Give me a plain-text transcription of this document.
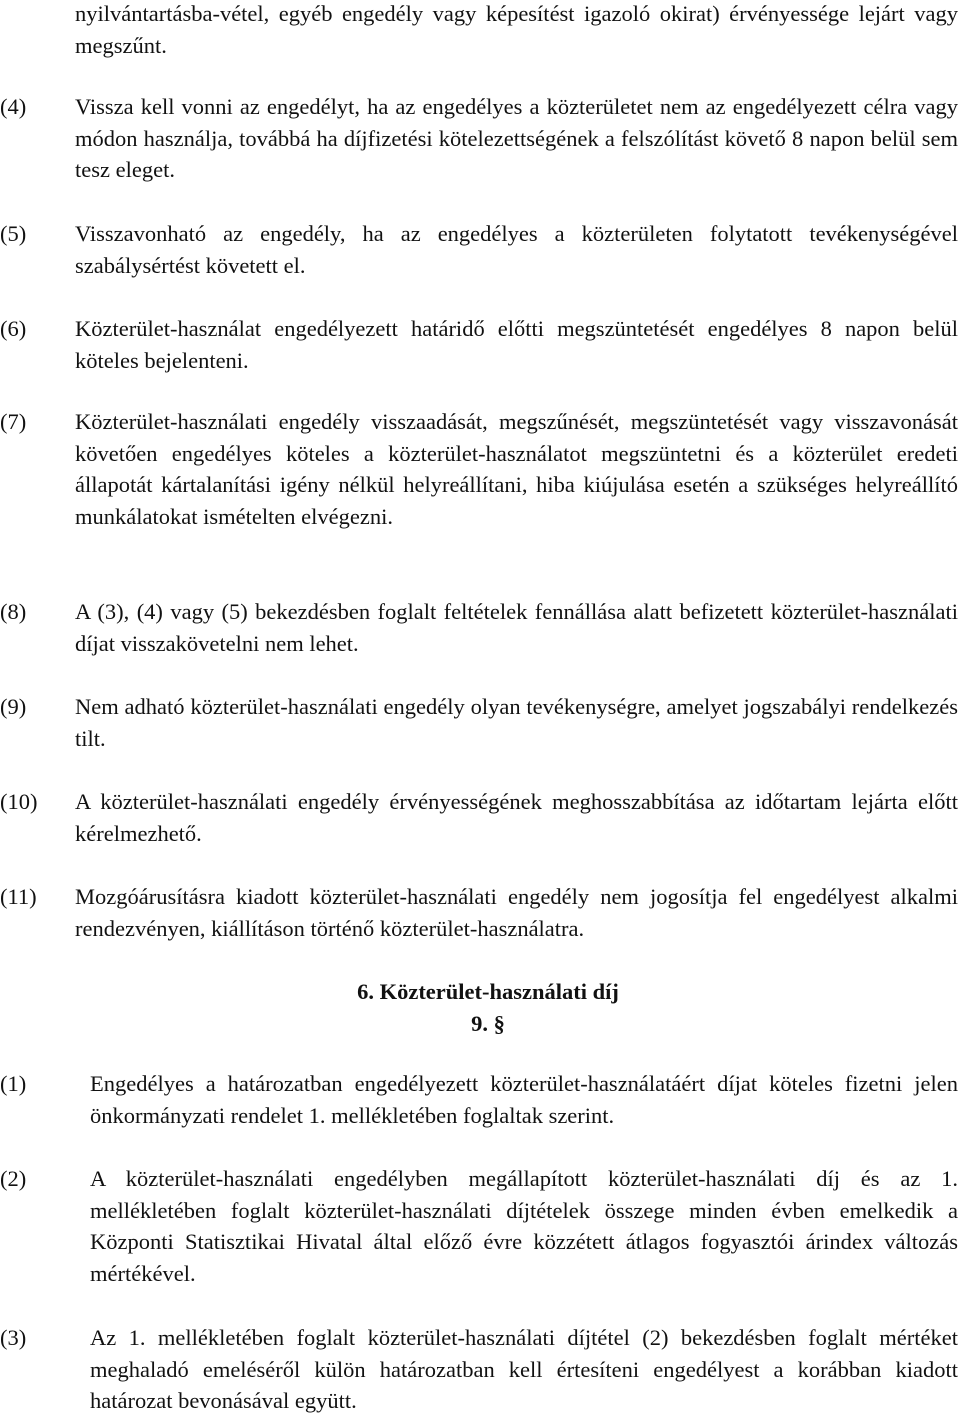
nyilvántartásba-vétel, egyéb engedély vagy képesítést igazoló okirat) érvényessége lejárt vagy megszűnt.
(4)	Vissza kell vonni az engedélyt, ha az engedélyes a közterületet nem az engedélyezett célra vagy módon használja, továbbá ha díjfizetési kötelezettségének a felszólítást követő 8 napon belül sem tesz eleget.
(5)	Visszavonható az engedély, ha az engedélyes a közterületen folytatott tevékenységével szabálysértést követett el.
(6)	Közterület-használat engedélyezett határidő előtti megszüntetését engedélyes 8 napon belül köteles bejelenteni.
(7)	Közterület-használati engedély visszaadását, megszűnését, megszüntetését vagy visszavonását követően engedélyes köteles a közterület-használatot megszüntetni és a közterület eredeti állapotát kártalanítási igény nélkül helyreállítani, hiba kiújulása esetén a szükséges helyreállító munkálatokat ismételten elvégezni.
(8)	A (3), (4) vagy (5) bekezdésben foglalt feltételek fennállása alatt befizetett közterület-használati díjat visszakövetelni nem lehet.
(9)	Nem adható közterület-használati engedély olyan tevékenységre, amelyet jogszabályi rendelkezés tilt.
(10)	A közterület-használati engedély érvényességének meghosszabbítása az időtartam lejárta előtt kérelmezhető.
(11)	Mozgóárusításra kiadott közterület-használati engedély nem jogosítja fel engedélyest alkalmi rendezvényen, kiállításon történő közterület-használatra.
6. Közterület-használati díj
9. §
(1)	Engedélyes a határozatban engedélyezett közterület-használatáért díjat köteles fizetni jelen önkormányzati rendelet 1. mellékletében foglaltak szerint.
(2)	A közterület-használati engedélyben megállapított közterület-használati díj és az 1. mellékletében foglalt közterület-használati díjtételek összege minden évben emelkedik a Központi Statisztikai Hivatal által előző évre közzétett átlagos fogyasztói árindex változás mértékével.
(3)	Az 1. mellékletében foglalt közterület-használati díjtétel (2) bekezdésben foglalt mértéket meghaladó emeléséről külön határozatban kell értesíteni engedélyest a korábban kiadott határozat bevonásával együtt.
